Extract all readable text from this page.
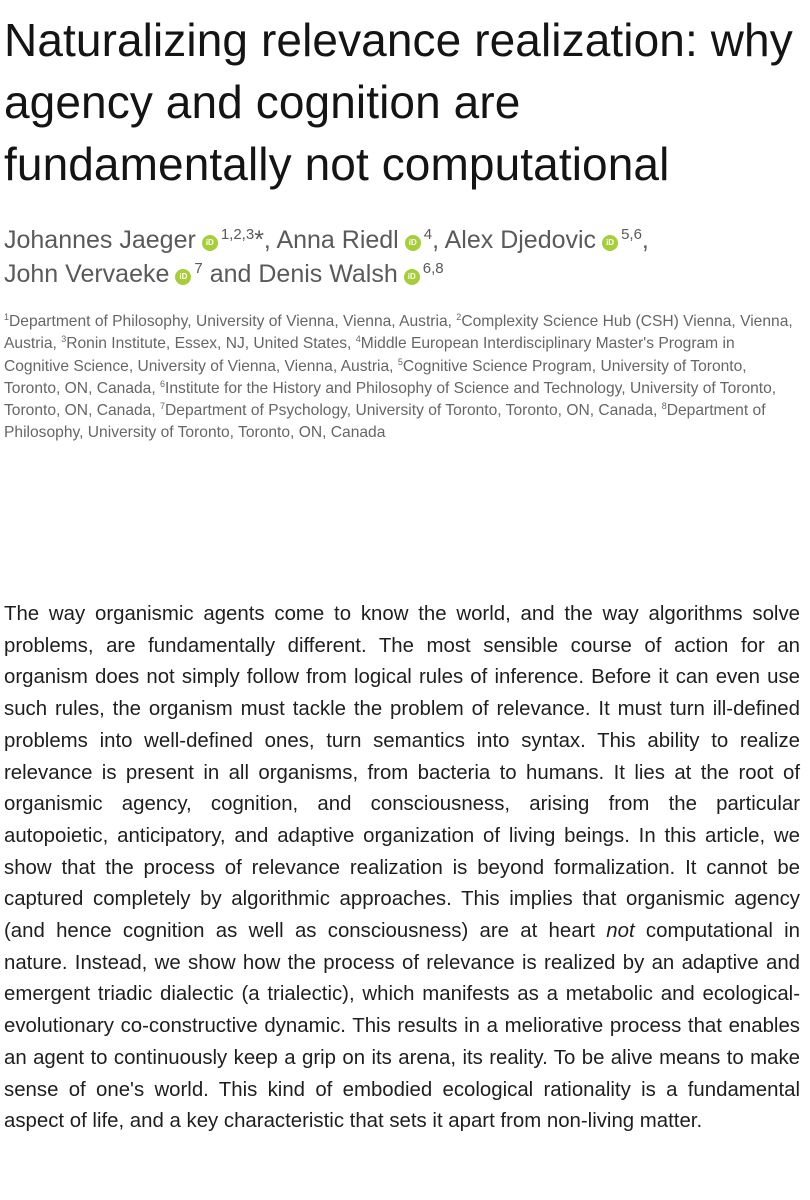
Naturalizing relevance realization: why agency and cognition are fundamentally not computational
Johannes Jaeger iD $^{1,2,3}$*, Anna Riedl iD $^4$, Alex Djedovic iD $^{5,6}$,
John Vervaeke iD $^7$ and Denis Walsh iD $^{6,8}$
$^1$Department of Philosophy, University of Vienna, Vienna, Austria, $^2$Complexity Science Hub (CSH) Vienna, Vienna, Austria, $^3$Ronin Institute, Essex, NJ, United States, $^4$Middle European Interdisciplinary Master's Program in Cognitive Science, University of Vienna, Vienna, Austria, $^5$Cognitive Science Program, University of Toronto, Toronto, ON, Canada, $^6$Institute for the History and Philosophy of Science and Technology, University of Toronto, Toronto, ON, Canada, $^7$Department of Psychology, University of Toronto, Toronto, ON, Canada, $^8$Department of Philosophy, University of Toronto, Toronto, ON, Canada

The way organismic agents come to know the world, and the way algorithms solve problems, are fundamentally different. The most sensible course of action for an organism does not simply follow from logical rules of inference. Before it can even use such rules, the organism must tackle the problem of relevance. It must turn ill-defined problems into well-defined ones, turn semantics into syntax. This ability to realize relevance is present in all organisms, from bacteria to humans. It lies at the root of organismic agency, cognition, and consciousness, arising from the particular autopoietic, anticipatory, and adaptive organization of living beings. In this article, we show that the process of relevance realization is beyond formalization. It cannot be captured completely by algorithmic approaches. This implies that organismic agency (and hence cognition as well as consciousness) are at heart not computational in nature. Instead, we show how the process of relevance is realized by an adaptive and emergent triadic dialectic (a trialectic), which manifests as a metabolic and ecological-evolutionary co-constructive dynamic. This results in a meliorative process that enables an agent to continuously keep a grip on its arena, its reality. To be alive means to make sense of one's world. This kind of embodied ecological rationality is a fundamental aspect of life, and a key characteristic that sets it apart from non-living matter.
